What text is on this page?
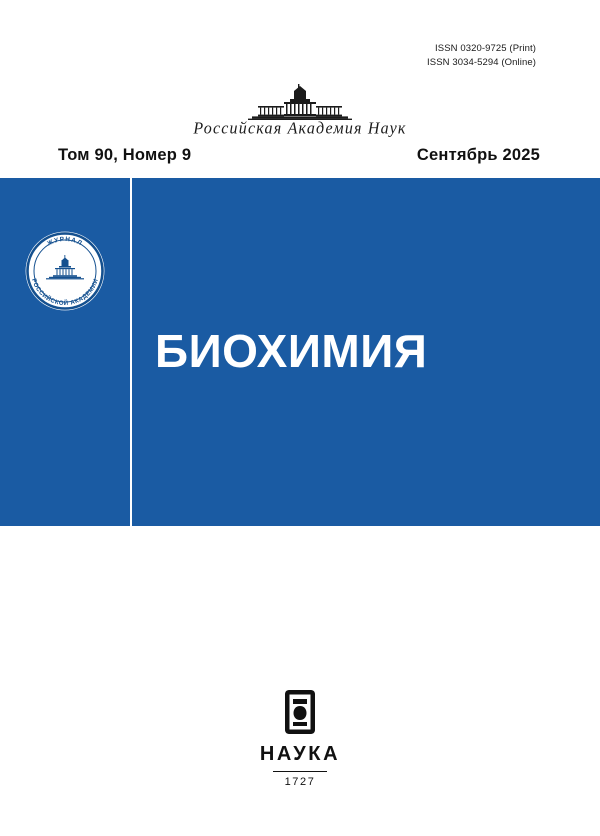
ISSN 0320-9725 (Print)
ISSN 3034-5294 (Online)
Российская Академия Наук
Том 90, Номер 9	Сентябрь 2025
БИОХИМИЯ
ЖУРНАЛ
РОССИЙСКОЙ АКАДЕМИИ
НАУКА
1727
